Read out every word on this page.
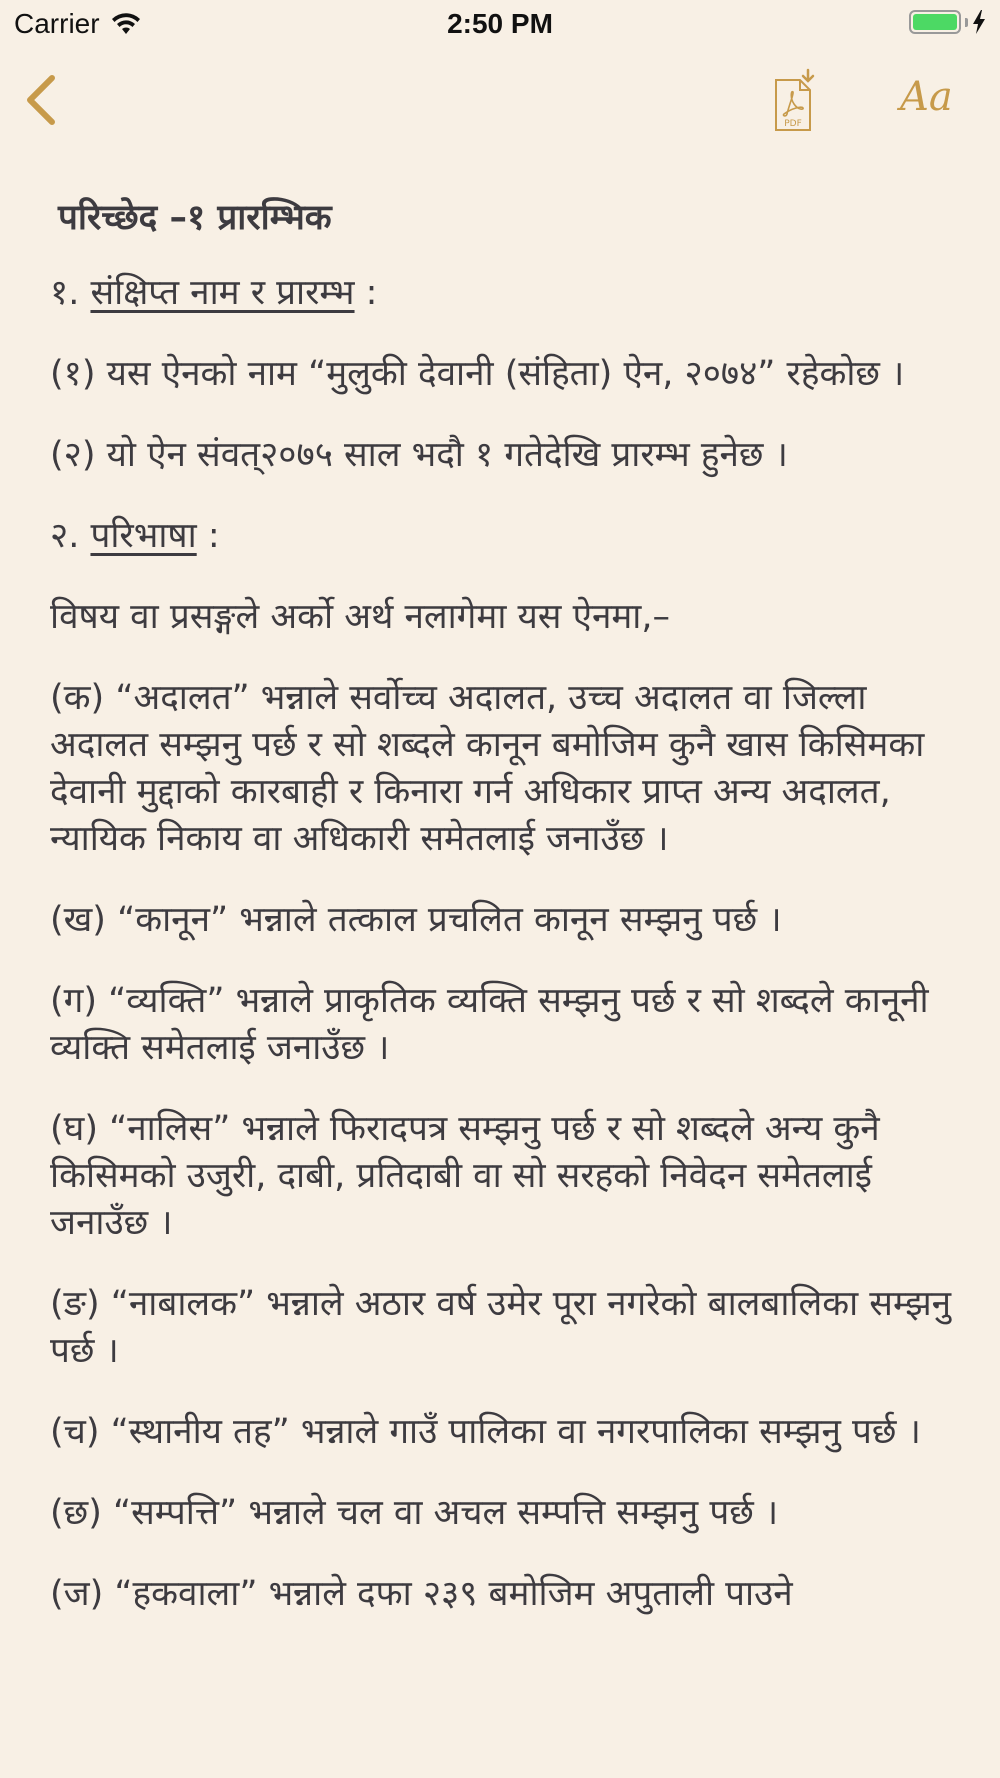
Carrier	2:50 PM
PDF
Aa
परिच्छेद –१ प्रारम्भिक
१. संक्षिप्त नाम र प्रारम्भ :
(१) यस ऐनको नाम “मुलुकी देवानी (संहिता) ऐन, २०७४” रहेकोछ ।
(२) यो ऐन संवत्२०७५ साल भदौ १ गतेदेखि प्रारम्भ हुनेछ ।
२. परिभाषा :
विषय वा प्रसङ्गले अर्को अर्थ नलागेमा यस ऐनमा,–
(क) “अदालत” भन्नाले सर्वोच्च अदालत, उच्च अदालत वा जिल्ला अदालत सम्झनु पर्छ र सो शब्दले कानून बमोजिम कुनै खास किसिमका देवानी मुद्दाको कारबाही र किनारा गर्न अधिकार प्राप्त अन्य अदालत, न्यायिक निकाय वा अधिकारी समेतलाई जनाउँछ ।
(ख) “कानून” भन्नाले तत्काल प्रचलित कानून सम्झनु पर्छ ।
(ग) “व्यक्ति” भन्नाले प्राकृतिक व्यक्ति सम्झनु पर्छ र सो शब्दले कानूनी व्यक्ति समेतलाई जनाउँछ ।
(घ) “नालिस” भन्नाले फिरादपत्र सम्झनु पर्छ र सो शब्दले अन्य कुनै किसिमको उजुरी, दाबी, प्रतिदाबी वा सो सरहको निवेदन समेतलाई जनाउँछ ।
(ङ) “नाबालक” भन्नाले अठार वर्ष उमेर पूरा नगरेको बालबालिका सम्झनु पर्छ ।
(च) “स्थानीय तह” भन्नाले गाउँ पालिका वा नगरपालिका सम्झनु पर्छ ।
(छ) “सम्पत्ति” भन्नाले चल वा अचल सम्पत्ति सम्झनु पर्छ ।
(ज) “हकवाला” भन्नाले दफा २३९ बमोजिम अपुताली पाउने
